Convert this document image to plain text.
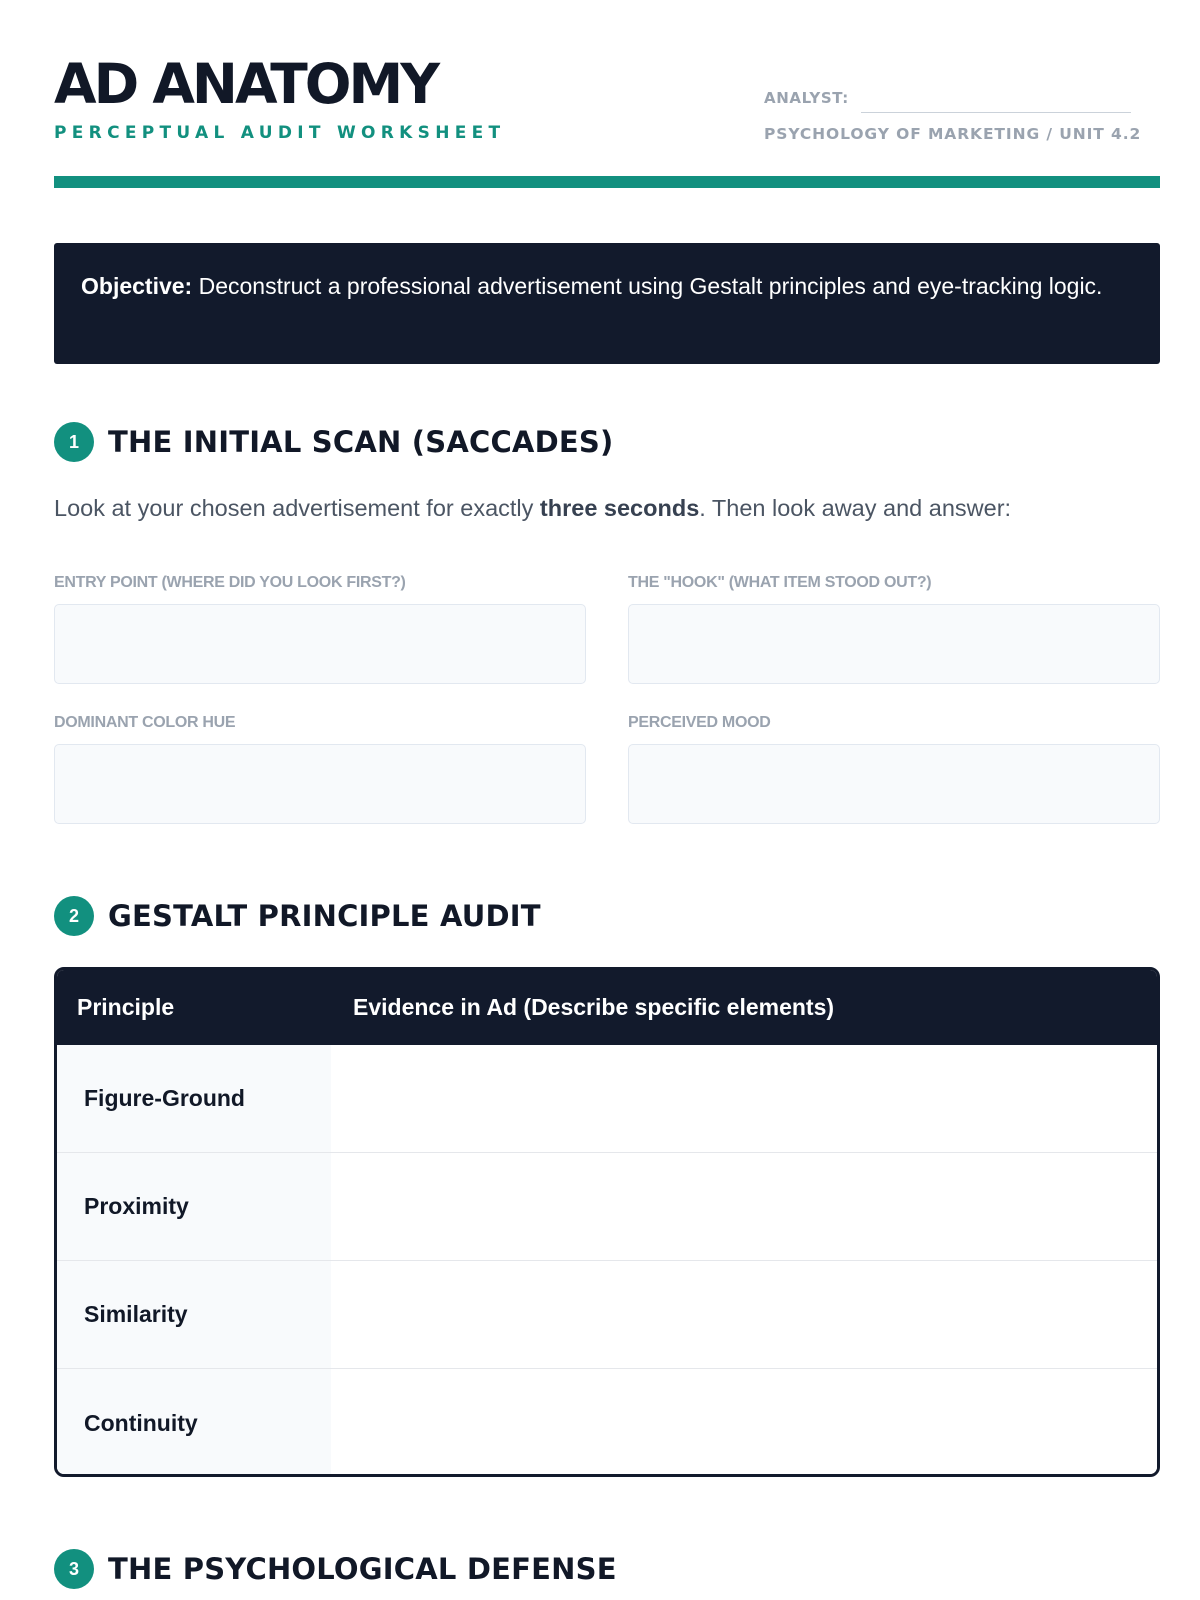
AD ANATOMY
PERCEPTUAL AUDIT WORKSHEET
ANALYST:
PSYCHOLOGY OF MARKETING / UNIT 4.2
Objective: Deconstruct a professional advertisement using Gestalt principles and eye-tracking logic.
1	THE INITIAL SCAN (SACCADES)
Look at your chosen advertisement for exactly three seconds. Then look away and answer:
ENTRY POINT (WHERE DID YOU LOOK FIRST?)	THE "HOOK" (WHAT ITEM STOOD OUT?)
DOMINANT COLOR HUE	PERCEIVED MOOD
2	GESTALT PRINCIPLE AUDIT
Principle	Evidence in Ad (Describe specific elements)
Figure-Ground
Proximity
Similarity
Continuity
3	THE PSYCHOLOGICAL DEFENSE
